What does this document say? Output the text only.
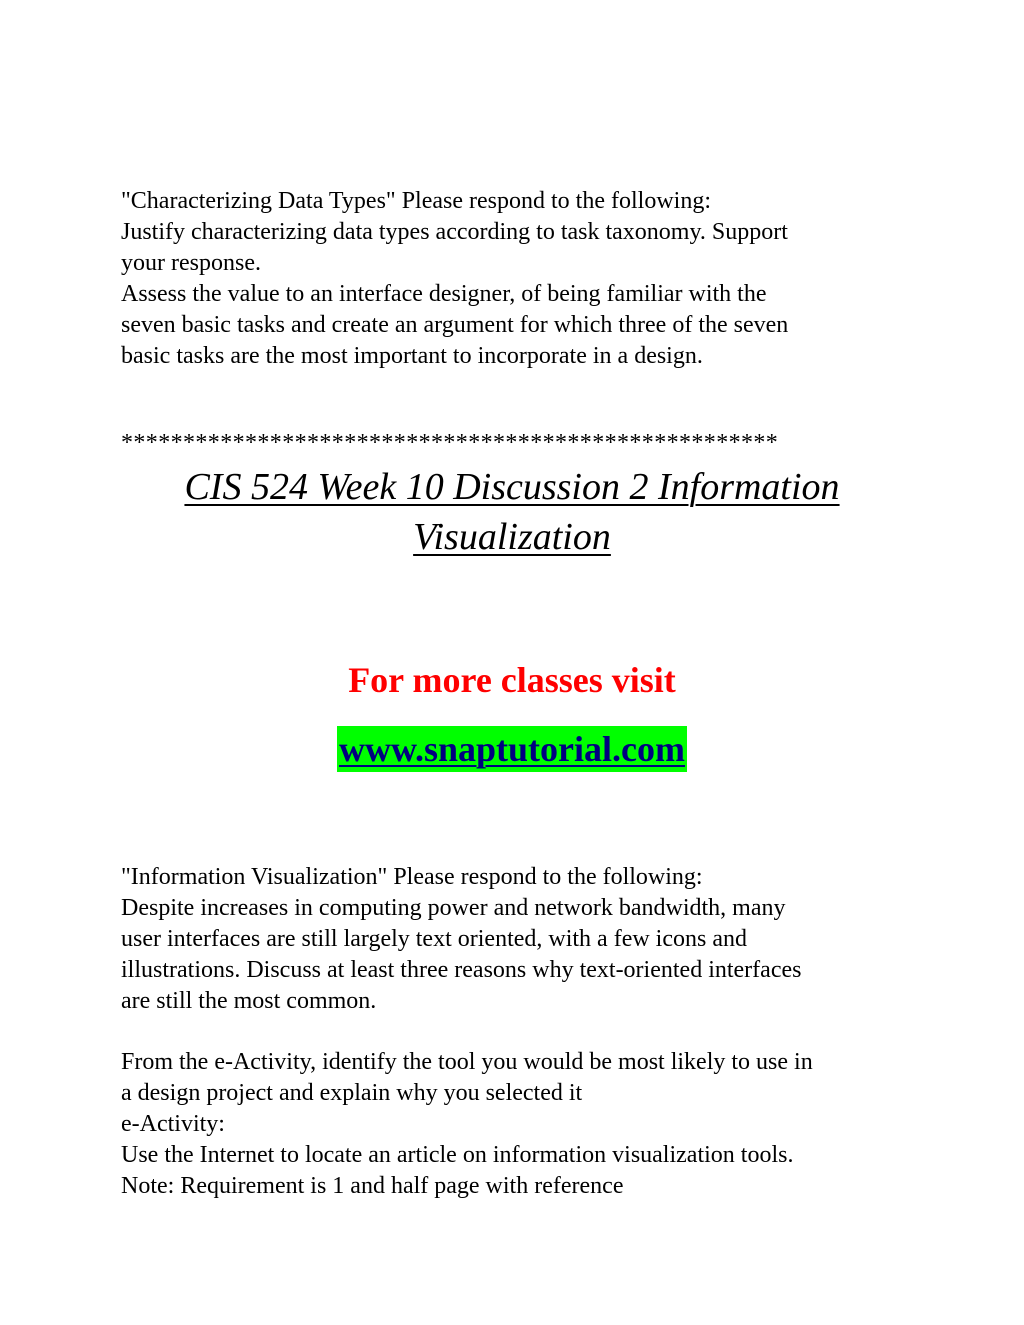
"Characterizing Data Types" Please respond to the following:
Justify characterizing data types according to task taxonomy. Support
your response.
Assess the value to an interface designer, of being familiar with the
seven basic tasks and create an argument for which three of the seven
basic tasks are the most important to incorporate in a design.
*****************************************************
CIS 524 Week 10 Discussion 2 Information
Visualization
For more classes visit
www.snaptutorial.com
"Information Visualization" Please respond to the following:
Despite increases in computing power and network bandwidth, many
user interfaces are still largely text oriented, with a few icons and
illustrations. Discuss at least three reasons why text-oriented interfaces
are still the most common.
From the e-Activity, identify the tool you would be most likely to use in
a design project and explain why you selected it
e-Activity:
Use the Internet to locate an article on information visualization tools.
Note: Requirement is 1 and half page with reference
